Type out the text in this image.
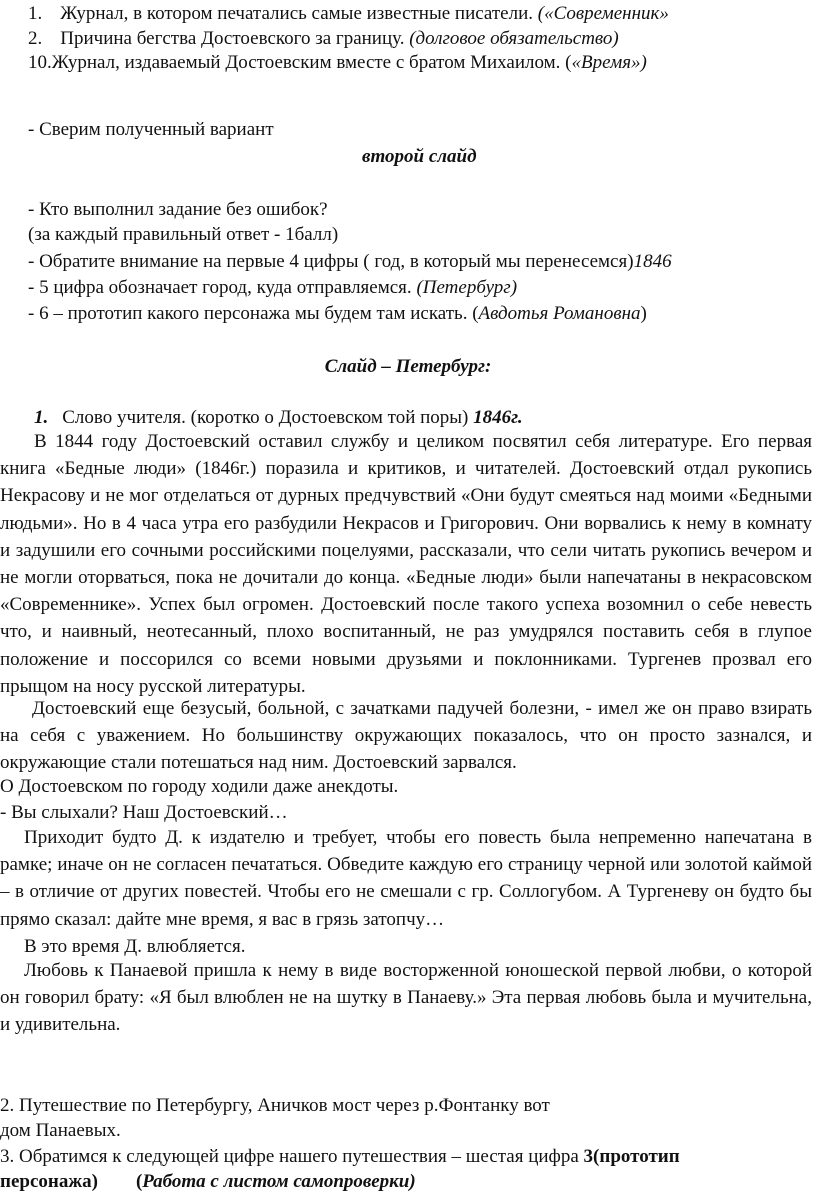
1. Журнал, в котором печатались самые известные писатели. («Современник»
2. Причина бегства Достоевского за границу. (долговое обязательство)
10.Журнал, издаваемый Достоевским вместе с братом Михаилом. («Время»)
- Сверим полученный вариант
второй слайд
- Кто выполнил задание без ошибок?
(за каждый правильный ответ - 1балл)
- Обратите внимание на первые 4 цифры ( год, в который мы перенесемся)1846
- 5 цифра обозначает город, куда отправляемся. (Петербург)
- 6 – прототип какого персонажа мы будем там искать. (Авдотья Романовна)
Слайд – Петербург:
1. Слово учителя. (коротко о Достоевском той поры) 1846г.
В 1844 году Достоевский оставил службу и целиком посвятил себя литературе. Его первая книга «Бедные люди» (1846г.) поразила и критиков, и читателей. Достоевский отдал рукопись Некрасову и не мог отделаться от дурных предчувствий «Они будут смеяться над моими «Бедными людьми». Но в 4 часа утра его разбудили Некрасов и Григорович. Они ворвались к нему в комнату и задушили его сочными российскими поцелуями, рассказали, что сели читать рукопись вечером и не могли оторваться, пока не дочитали до конца. «Бедные люди» были напечатаны в некрасовском «Современнике». Успех был огромен. Достоевский после такого успеха возомнил о себе невесть что, и наивный, неотесанный, плохо воспитанный, не раз умудрялся поставить себя в глупое положение и поссорился со всеми новыми друзьями и поклонниками. Тургенев прозвал его прыщом на носу русской литературы.
Достоевский еще безусый, больной, с зачатками падучей болезни, - имел же он право взирать на себя с уважением. Но большинству окружающих показалось, что он просто зазнался, и окружающие стали потешаться над ним. Достоевский зарвался.
О Достоевском по городу ходили даже анекдоты.
- Вы слыхали? Наш Достоевский…
Приходит будто Д. к издателю и требует, чтобы его повесть была непременно напечатана в рамке; иначе он не согласен печататься. Обведите каждую его страницу черной или золотой каймой – в отличие от других повестей. Чтобы его не смешали с гр. Соллогубом. А Тургеневу он будто бы прямо сказал: дайте мне время, я вас в грязь затопчу…
В это время Д. влюбляется.
Любовь к Панаевой пришла к нему в виде восторженной юношеской первой любви, о которой он говорил брату: «Я был влюблен не на шутку в Панаеву.» Эта первая любовь была и мучительна, и удивительна.
2. Путешествие по Петербургу, Аничков мост через р.Фонтанку вот
дом Панаевых.
3. Обратимся к следующей цифре нашего путешествия – шестая цифра 3(прототип
персонажа) (Работа с листом самопроверки)
